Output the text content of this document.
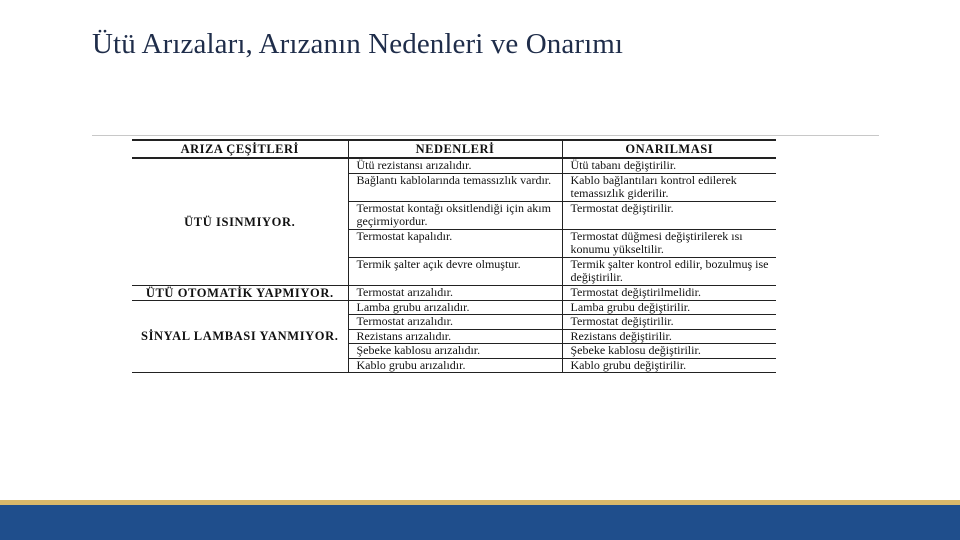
Ütü Arızaları, Arızanın Nedenleri ve Onarımı
ARIZA ÇEŞİTLERİ	NEDENLERİ	ONARILMASI
ÜTÜ ISINMIYOR.	Ütü rezistansı arızalıdır.	Ütü tabanı değiştirilir.
	Bağlantı kablolarında temassızlık vardır.	Kablo bağlantıları kontrol edilerek temassızlık giderilir.
	Termostat kontağı oksitlendiği için akım geçirmiyordur.	Termostat değiştirilir.
	Termostat kapalıdır.	Termostat düğmesi değiştirilerek ısı konumu yükseltilir.
	Termik şalter açık devre olmuştur.	Termik şalter kontrol edilir, bozulmuş ise değiştirilir.
ÜTÜ OTOMATİK YAPMIYOR.	Termostat arızalıdır.	Termostat değiştirilmelidir.
SİNYAL LAMBASI YANMIYOR.	Lamba grubu arızalıdır.	Lamba grubu değiştirilir.
	Termostat arızalıdır.	Termostat değiştirilir.
	Rezistans arızalıdır.	Rezistans değiştirilir.
	Şebeke kablosu arızalıdır.	Şebeke kablosu değiştirilir.
	Kablo grubu arızalıdır.	Kablo grubu değiştirilir.
